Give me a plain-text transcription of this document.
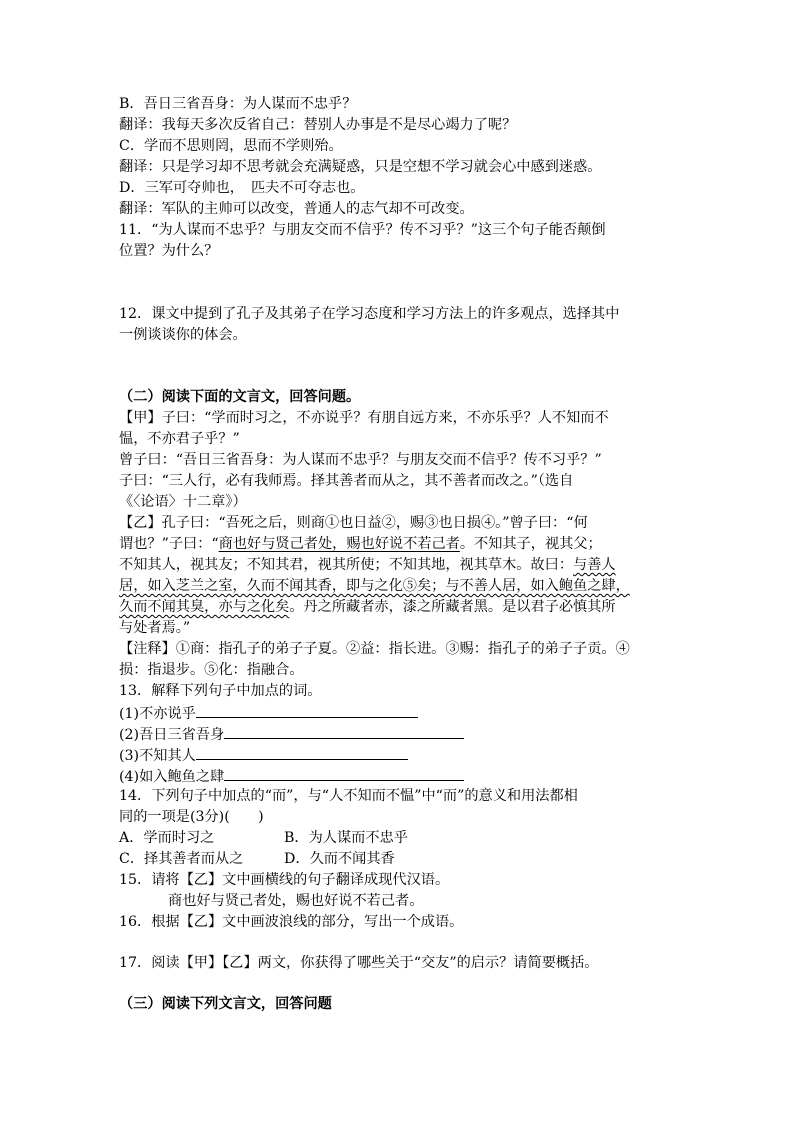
B．吾日三省吾身：为人谋而不忠乎？
翻译：我每天多次反省自己：替别人办事是不是尽心竭力了呢？
C．学而不思则罔，思而不学则殆。
翻译：只是学习却不思考就会充满疑惑，只是空想不学习就会心中感到迷惑。
D．三军可夺帅也，　匹夫不可夺志也。
翻译：军队的主帅可以改变，普通人的志气却不可改变。
11．“为人谋而不忠乎？与朋友交而不信乎？传不习乎？”这三个句子能否颠倒
位置？为什么？
12．课文中提到了孔子及其弟子在学习态度和学习方法上的许多观点，选择其中
一例谈谈你的体会。
（二）阅读下面的文言文，回答问题。
【甲】子曰：“学而时习之，不亦说乎？有朋自远方来，不亦乐乎？人不知而不
愠，不亦君子乎？”
曾子曰：“吾日三省吾身：为人谋而不忠乎？与朋友交而不信乎？传不习乎？”
子曰：“三人行，必有我师焉。择其善者而从之，其不善者而改之。”（选自
《〈论语〉十二章》）
【乙】孔子曰：“吾死之后，则商①也日益②，赐③也日损④。”曾子曰：“何
谓也？”子曰：“商也好与贤己者处，赐也好说不若己者。不知其子，视其父；
不知其人，视其友；不知其君，视其所使；不知其地，视其草木。故曰：与善人
居，如入芝兰之室，久而不闻其香，即与之化⑤矣；与不善人居，如入鲍鱼之肆，
久而不闻其臭，亦与之化矣。丹之所藏者赤，漆之所藏者黑。是以君子必慎其所
与处者焉。”
【注释】①商：指孔子的弟子子夏。②益：指长进。③赐：指孔子的弟子子贡。④
损：指退步。⑤化：指融合。
13．解释下列句子中加点的词。
(1)不亦说乎
(2)吾日三省吾身
(3)不知其人
(4)如入鲍鱼之肆
14．下列句子中加点的“而”，与“人不知而不愠”中“而”的意义和用法都相
同的一项是(3分)(　　)
A．学而时习之	B．为人谋而不忠乎
C．择其善者而从之	D．久而不闻其香
15．请将【乙】文中画横线的句子翻译成现代汉语。
商也好与贤己者处，赐也好说不若己者。
16．根据【乙】文中画波浪线的部分，写出一个成语。
17．阅读【甲】【乙】两文，你获得了哪些关于“交友”的启示？请简要概括。
（三）阅读下列文言文，回答问题
